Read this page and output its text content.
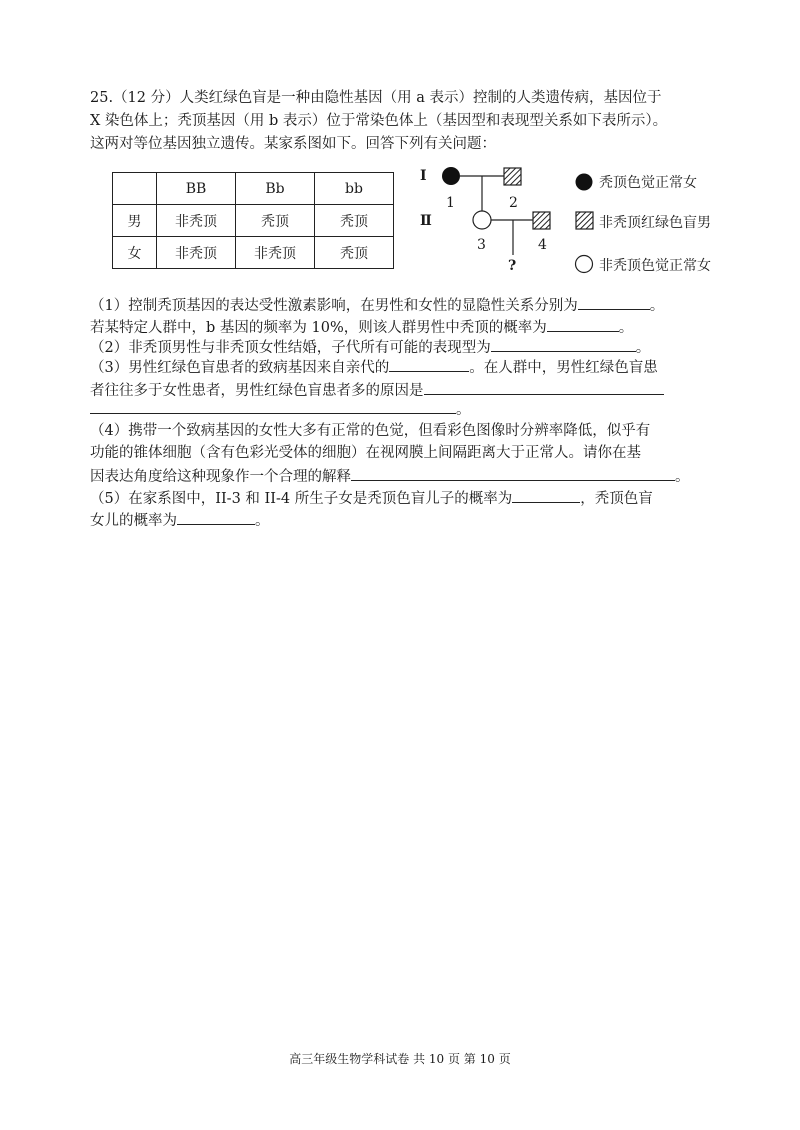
25.（12 分）人类红绿色盲是一种由隐性基因（用 a 表示）控制的人类遗传病，基因位于
X 染色体上；秃顶基因（用 b 表示）位于常染色体上（基因型和表现型关系如下表所示）。
这两对等位基因独立遗传。某家系图如下。回答下列有关问题：
	BB	Bb	bb
男	非秃顶	秃顶	秃顶
女	非秃顶	非秃顶	秃顶
I
Ⅱ
1	2
3	4
?
秃顶色觉正常女
非秃顶红绿色盲男
非秃顶色觉正常女
（1）控制秃顶基因的表达受性激素影响，在男性和女性的显隐性关系分别为	。
若某特定人群中，b 基因的频率为 10%，则该人群男性中秃顶的概率为	。
（2）非秃顶男性与非秃顶女性结婚，子代所有可能的表现型为	。
（3）男性红绿色盲患者的致病基因来自亲代的	。在人群中，男性红绿色盲患
者往往多于女性患者，男性红绿色盲患者多的原因是
。
（4）携带一个致病基因的女性大多有正常的色觉，但看彩色图像时分辨率降低，似乎有
功能的锥体细胞（含有色彩光受体的细胞）在视网膜上间隔距离大于正常人。请你在基
因表达角度给这种现象作一个合理的解释	。
（5）在家系图中，II-3 和 II-4 所生子女是秃顶色盲儿子的概率为	，秃顶色盲
女儿的概率为	。
高三年级生物学科试卷 共 10 页 第 10 页
